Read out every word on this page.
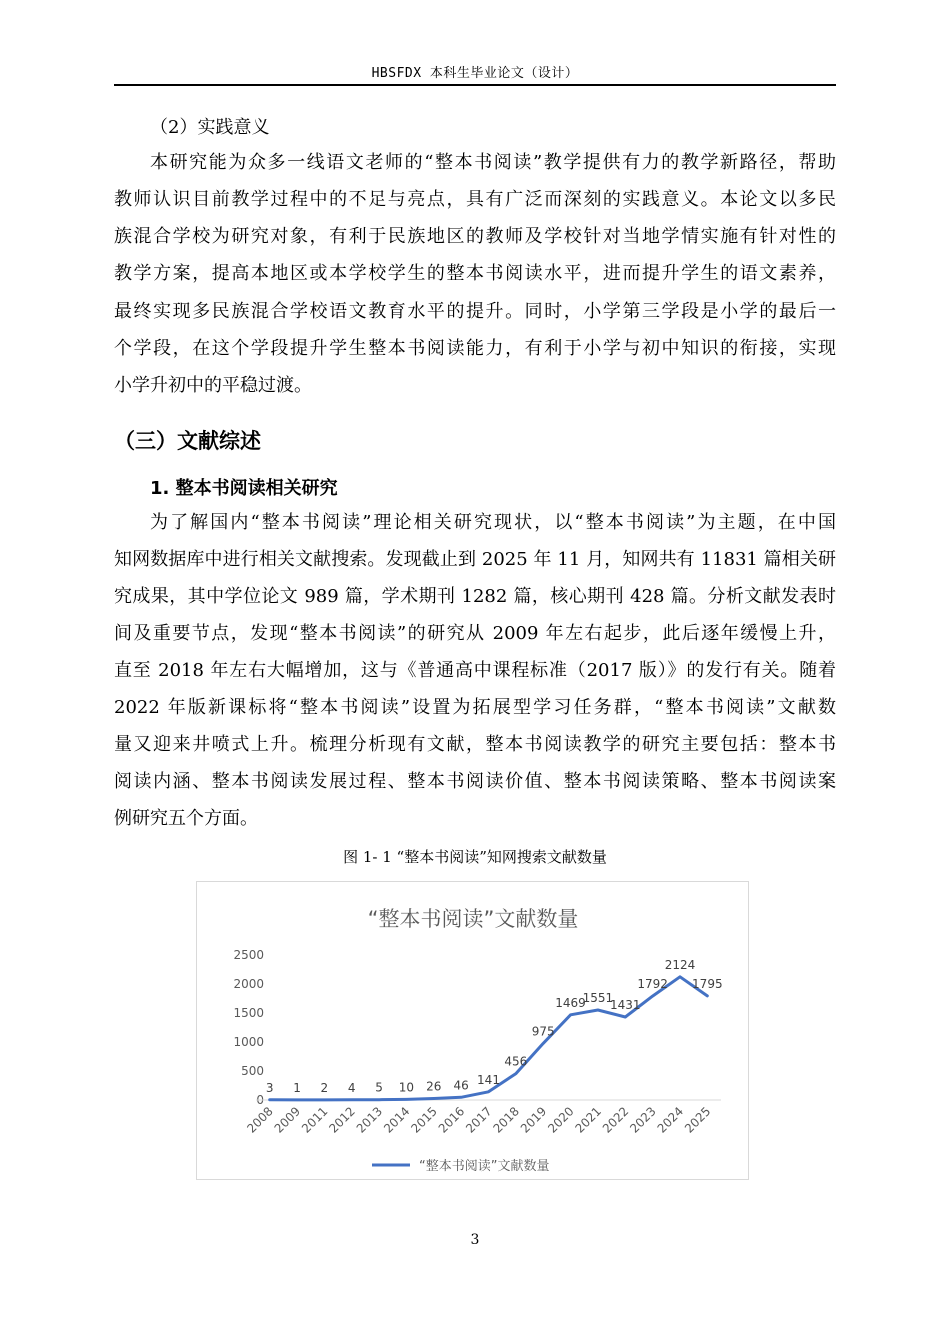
HBSFDX 本科生毕业论文（设计）
（2）实践意义
本研究能为众多一线语文老师的“整本书阅读”教学提供有力的教学新路径，帮助
教师认识目前教学过程中的不足与亮点，具有广泛而深刻的实践意义。本论文以多民
族混合学校为研究对象，有利于民族地区的教师及学校针对当地学情实施有针对性的
教学方案，提高本地区或本学校学生的整本书阅读水平，进而提升学生的语文素养，
最终实现多民族混合学校语文教育水平的提升。同时，小学第三学段是小学的最后一
个学段，在这个学段提升学生整本书阅读能力，有利于小学与初中知识的衔接，实现
小学升初中的平稳过渡。
（三）文献综述
1. 整本书阅读相关研究
为了解国内“整本书阅读”理论相关研究现状，以“整本书阅读”为主题，在中国
知网数据库中进行相关文献搜索。发现截止到 2025 年 11 月，知网共有 11831 篇相关研
究成果，其中学位论文 989 篇，学术期刊 1282 篇，核心期刊 428 篇。分析文献发表时
间及重要节点，发现“整本书阅读”的研究从 2009 年左右起步，此后逐年缓慢上升，
直至 2018 年左右大幅增加，这与《普通高中课程标准（2017 版）》的发行有关。随着
2022 年版新课标将“整本书阅读”设置为拓展型学习任务群，“整本书阅读”文献数
量又迎来井喷式上升。梳理分析现有文献，整本书阅读教学的研究主要包括：整本书
阅读内涵、整本书阅读发展过程、整本书阅读价值、整本书阅读策略、整本书阅读案
例研究五个方面。
图 1- 1 “整本书阅读”知网搜索文献数量
“整本书阅读”文献数量
0
500
1000
1500
2000
2500
2008
2009
2011
2012
2013
2014
2015
2016
2017
2018
2019
2020
2021
2022
2023
2024
2025
3 1 2 4 5 10 26 46 141
456
975
1469
1551
1431
1792
2124
1795
“整本书阅读”文献数量
3
